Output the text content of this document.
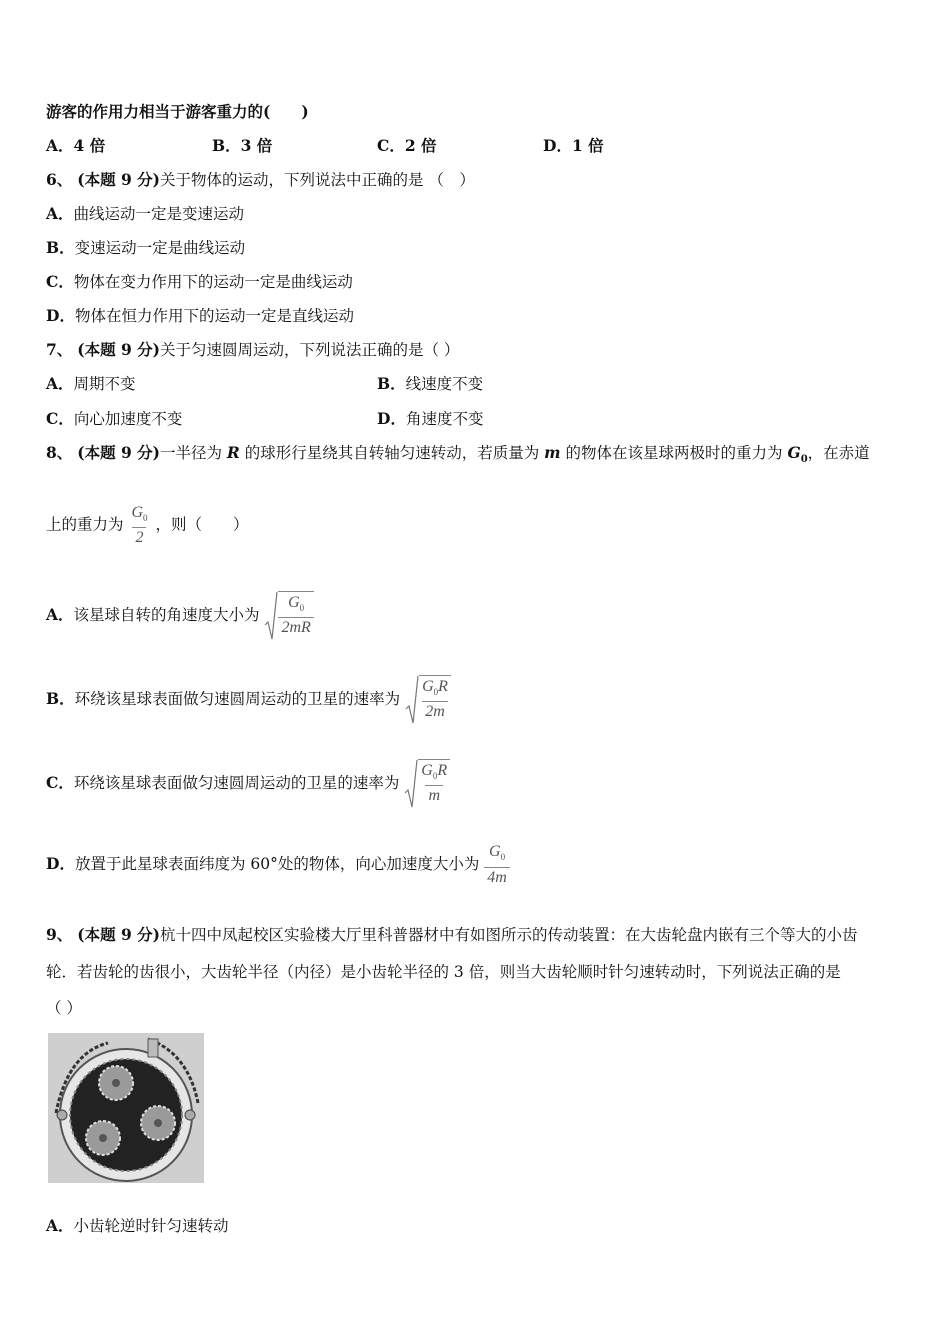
游客的作用力相当于游客重力的(　　)
A．4 倍	B．3 倍	C．2 倍	D．1 倍
6、 (本题 9 分)关于物体的运动，下列说法中正确的是 （　）
A．曲线运动一定是变速运动
B．变速运动一定是曲线运动
C．物体在变力作用下的运动一定是曲线运动
D．物体在恒力作用下的运动一定是直线运动
7、 (本题 9 分)关于匀速圆周运动，下列说法正确的是（ ）
A．周期不变	B．线速度不变
C．向心加速度不变	D．角速度不变
8、 (本题 9 分)一半径为 R 的球形行星绕其自转轴匀速转动，若质量为 m 的物体在该星球两极时的重力为 $G_0$，在赤道
上的重力为 $\frac{G_0}{2}$ ，则（　　）
A．该星球自转的角速度大小为 $\frac{G_0}{2mR}$
B．环绕该星球表面做匀速圆周运动的卫星的速率为 $\frac{G_0R}{2m}$
C．环绕该星球表面做匀速圆周运动的卫星的速率为 $\frac{G_0R}{m}$
D．放置于此星球表面纬度为 60°处的物体，向心加速度大小为 $\frac{G_0}{4m}$
9、 (本题 9 分)杭十四中凤起校区实验楼大厅里科普器材中有如图所示的传动装置：在大齿轮盘内嵌有三个等大的小齿
轮．若齿轮的齿很小，大齿轮半径（内径）是小齿轮半径的 3 倍，则当大齿轮顺时针匀速转动时，下列说法正确的是
（ ）
A．小齿轮逆时针匀速转动
